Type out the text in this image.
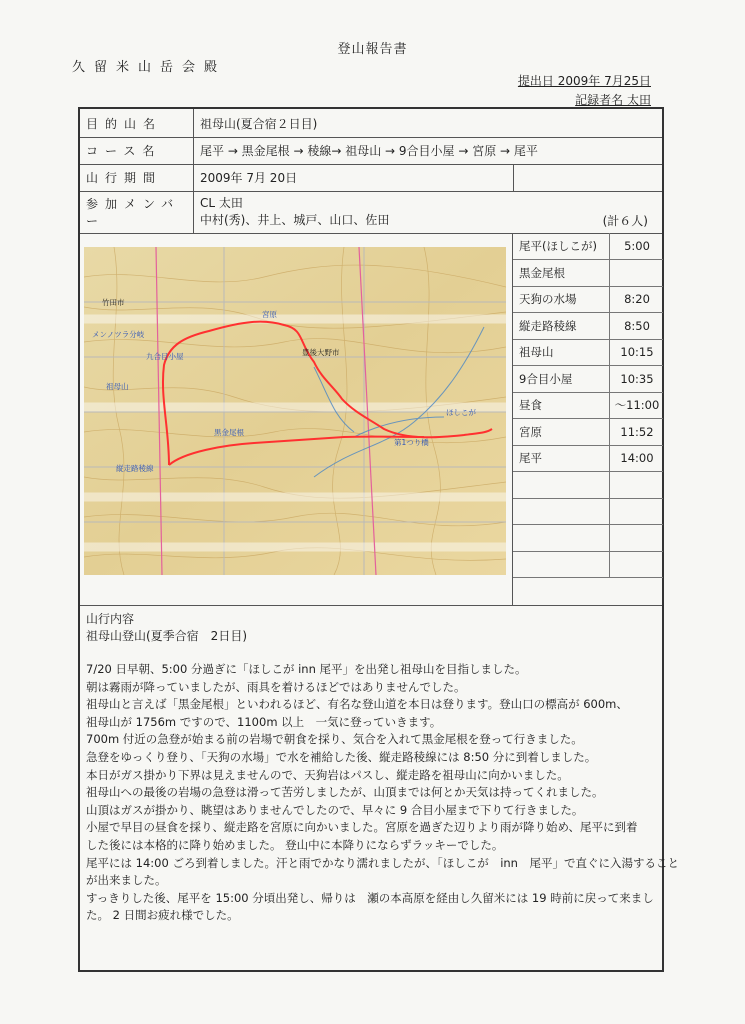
登山報告書
久留米山岳会殿
提出日 2009年 7月25日
記録者名 太田
目的山名	祖母山(夏合宿２日目)
コース名	尾平 → 黒金尾根 → 稜線→ 祖母山 → 9合目小屋 → 宮原 → 尾平
山行期間	2009年 7月 20日
参加メンバー
CL 太田
中村(秀)、井上、城戸、山口、佐田	(計６人)
竹田市
メンノツラ分岐
九合目小屋
祖母山
宮原
豊後大野市
ほしこが
黒金尾根
第1つり橋
縦走路稜線
尾平(ほしこが)	5:00
黒金尾根
天狗の水場	8:20
縦走路稜線	8:50
祖母山	10:15
9合目小屋	10:35
昼食	～11:00
宮原	11:52
尾平	14:00
山行内容
祖母山登山(夏季合宿　2日目)
7/20 日早朝、5:00 分過ぎに「ほしこが inn 尾平」を出発し祖母山を目指しました。
朝は霧雨が降っていましたが、雨具を着けるほどではありませんでした。
祖母山と言えば「黒金尾根」といわれるほど、有名な登山道を本日は登ります。登山口の標高が 600m、
祖母山が 1756m ですので、1100m 以上　一気に登っていきます。
700m 付近の急登が始まる前の岩場で朝食を採り、気合を入れて黒金尾根を登って行きました。
急登をゆっくり登り、「天狗の水場」で水を補給した後、縦走路稜線には 8:50 分に到着しました。
本日がガス掛かり下界は見えませんので、天狗岩はパスし、縦走路を祖母山に向かいました。
祖母山への最後の岩場の急登は滑って苦労しましたが、山頂までは何とか天気は持ってくれました。
山頂はガスが掛かり、眺望はありませんでしたので、早々に 9 合目小屋まで下りて行きました。
小屋で早目の昼食を採り、縦走路を宮原に向かいました。宮原を過ぎた辺りより雨が降り始め、尾平に到着
した後には本格的に降り始めました。 登山中に本降りにならずラッキーでした。
尾平には 14:00 ごろ到着しました。汗と雨でかなり濡れましたが、「ほしこが　inn　尾平」で直ぐに入湯すること
が出来ました。
すっきりした後、尾平を 15:00 分頃出発し、帰りは　瀬の本高原を経由し久留米には 19 時前に戻って来まし
た。 2 日間お疲れ様でした。
